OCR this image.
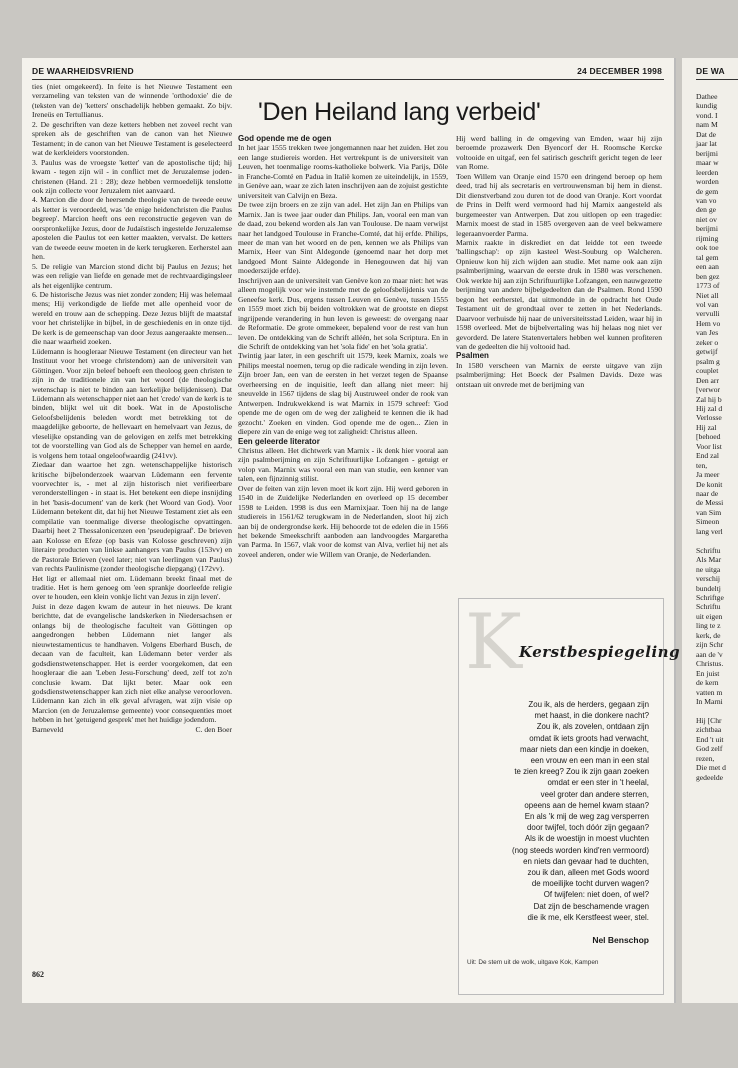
DE WAARHEIDSVRIEND	24 DECEMBER 1998

ties (niet omgekeerd). In feite is het Nieuwe Testament een verzameling van teksten van de winnende 'orthodoxie' die de (teksten van de) 'ketters' onschadelijk hebben gemaakt. Zo bijv. Ireneüs en Tertullianus.

2. De geschriften van deze ketters hebben net zoveel recht van spreken als de geschriften van de canon van het Nieuwe Testament; in de canon van het Nieuwe Testament is geselecteerd wat de kerkleiders voorstonden.

3. Paulus was de vroegste 'ketter' van de apostolische tijd; hij kwam - tegen zijn wil - in conflict met de Jeruzalemse joden-christenen (Hand. 21 : 28); deze hebben vermoedelijk tenslotte ook zijn collecte voor Jeruzalem niet aanvaard.

4. Marcion die door de heersende theologie van de tweede eeuw als ketter is veroordeeld, was 'de enige heidenchristen die Paulus begreep'. Marcion heeft ons een reconstructie gegeven van de oorspronkelijke Jezus, door de Judaïstisch ingestelde Jeruzalemse apostelen die Paulus tot een ketter maakten, vervalst. De ketters van de tweede eeuw moeten in de kerk terugkeren. Eerherstel aan hen.

5. De religie van Marcion stond dicht bij Paulus en Jezus; het was een religie van liefde en genade met de rechtvaardigingsleer als het eigenlijke centrum.

6. De historische Jezus was niet zonder zonden; Hij was helemaal mens; Hij verkondigde de liefde met alle openheid voor de wereld en trouw aan de schepping. Deze Jezus blijft de maatstaf voor het christelijke in bijbel, in de geschiedenis en in onze tijd. De kerk is de gemeenschap van door Jezus aangeraakte mensen... die naar waarheid zoeken.

Lüdemann is hoogleraar Nieuwe Testament (en directeur van het Instituut voor het vroege christendom) aan de universiteit van Göttingen. Voor zijn beleef behoeft een theoloog geen christen te zijn in de traditionele zin van het woord (de theologische wetenschap is niet te binden aan kerkelijke belijdenissen). Dat Lüdemann als wetenschapper niet aan het 'credo' van de kerk is te binden, blijkt wel uit dit boek. Wat in de Apostolische Geloofsbelijdenis beleden wordt met betrekking tot de maagdelijke geboorte, de hellevaart en hemelvaart van Jezus, de vleselijke opstanding van de gelovigen en zelfs met betrekking tot de voorstelling van God als de Schepper van hemel en aarde, is volgens hem totaal ongeloofwaardig (241vv).

Ziedaar dan waartoe het zgn. wetenschappelijke historisch kritische bijbelonderzoek waarvan Lüdemann een fervente voorvechter is, - met al zijn historisch niet verifieerbare veronderstellingen - in staat is. Het betekent een diepe insnijding in het 'basis-document' van de kerk (het Woord van God). Voor Lüdemann betekent dit, dat hij het Nieuwe Testament ziet als een compilatie van toenmalige diverse theologische opvattingen. Daarbij heet 2 Thessalonicenzen een 'pseudepigraaf'. De brieven aan Kolosse en Efeze (op basis van Kolosse geschreven) zijn literaire producten van linkse aanhangers van Paulus (153vv) en de Pastorale Brieven (veel later; niet van leerlingen van Paulus) van rechts Paulinisme (zonder theologische diepgang) (172vv).

Het ligt er allemaal niet om. Lüdemann breekt finaal met de traditie. Het is hem genoeg om 'een sprankje doorleefde religie over te houden, een klein vonkje licht van Jezus in zijn leven'.

Juist in deze dagen kwam de auteur in het nieuws. De krant berichtte, dat de evangelische landskerken in Niedersachsen er onlangs bij de theologische faculteit van Göttingen op aangedrongen hebben Lüdemann niet langer als nieuwtestamenticus te handhaven. Volgens Eberhard Busch, de decaan van de faculteit, kan Lüdemann beter verder als godsdienstwetenschapper. Het is eerder voorgekomen, dat een hoogleraar die aan 'Leben Jesu-Forschung' deed, zelf tot zo'n conclusie kwam. Dat lijkt beter. Maar ook een godsdienstwetenschapper kan zich niet elke analyse veroorloven. Lüdemann kan zich in elk geval afvragen, wat zijn visie op Marcion (en de Jeruzalemse gemeente) voor consequenties moet hebben in het 'getuigend gesprek' met het huidige jodendom.

Barneveld	C. den Boer
'Den Heiland lang verbeid'

God opende me de ogen

In het jaar 1555 trekken twee jongemannen naar het zuiden. Het zou een lange studiereis worden. Het vertrekpunt is de universiteit van Leuven, het toenmalige rooms-katholieke bolwerk. Via Parijs, Dôle in Franche-Comté en Padua in Italië komen ze uiteindelijk, in 1559, in Genève aan, waar ze zich laten inschrijven aan de zojuist gestichte universiteit van Calvijn en Beza.

De twee zijn broers en ze zijn van adel. Het zijn Jan en Philips van Marnix. Jan is twee jaar ouder dan Philips. Jan, vooral een man van de daad, zou bekend worden als Jan van Toulouse. De naam verwijst naar het landgoed Toulouse in Franche-Comté, dat hij erfde. Philips, meer de man van het woord en de pen, kennen we als Philips van Marnix, Heer van Sint Aldegonde (genoemd naar het dorp met landgoed Mont Sainte Aldegonde in Henegouwen dat hij van moederszijde erfde).

Inschrijven aan de universiteit van Genève kon zo maar niet: het was alleen mogelijk voor wie instemde met de geloofsbelijdenis van de Geneefse kerk. Dus, ergens tussen Leuven en Genève, tussen 1555 en 1559 moet zich bij beiden voltrokken wat de grootste en diepst ingrijpende verandering in hun leven is geweest: de overgang naar de Reformatie. De grote ommekeer, bepalend voor de rest van hun leven. De ontdekking van de Schrift alléén, het sola Scriptura. En in die Schrift de ontdekking van het 'sola fide' en het 'sola gratia'.

Twintig jaar later, in een geschrift uit 1579, keek Marnix, zoals we Philips meestal noemen, terug op die radicale wending in zijn leven. Zijn broer Jan, een van de eersten in het verzet tegen de Spaanse overheersing en de inquisitie, leeft dan allang niet meer: hij sneuvelde in 1567 tijdens de slag bij Austruweel onder de rook van Antwerpen. Indrukwekkend is wat Marnix in 1579 schreef: 'God opende me de ogen om de weg der zaligheid te kennen die ik had gezocht.' Zoeken en vinden. God opende me de ogen... Zien in diepere zin van de enige weg tot zaligheid: Christus alleen.

Een geleerde literator

Christus alleen. Het dichtwerk van Marnix - ik denk hier vooral aan zijn psalmberijming en zijn Schriftuurlijke Lofzangen - getuigt er volop van. Marnix was vooral een man van studie, een kenner van talen, een fijnzinnig stilist.

Over de feiten van zijn leven moet ik kort zijn. Hij werd geboren in 1540 in de Zuidelijke Nederlanden en overleed op 15 december 1598 te Leiden. 1998 is dus een Marnixjaar. Toen hij na de lange studiereis in 1561/62 terugkwam in de Nederlanden, sloot hij zich aan bij de ondergrondse kerk. Hij behoorde tot de edelen die in 1566 het bekende Smeekschrift aanboden aan landvoogdes Margaretha van Parma. In 1567, vlak voor de komst van Alva, verliet hij net als zoveel anderen, onder wie Willem van Oranje, de Nederlanden.

Hij werd balling in de omgeving van Emden, waar hij zijn beroemde prozawerk Den Byencorf der H. Roomsche Kercke voltooide en uitgaf, een fel satirisch geschrift gericht tegen de leer van Rome.

Toen Willem van Oranje eind 1570 een dringend beroep op hem deed, trad hij als secretaris en vertrouwensman bij hem in dienst. Dit dienstverband zou duren tot de dood van Oranje. Kort voordat de Prins in Delft werd vermoord had hij Marnix aangesteld als burgemeester van Antwerpen. Dat zou uitlopen op een tragedie: Marnix moest de stad in 1585 overgeven aan de veel bekwamere legeraanvoerder Parma.

Marnix raakte in diskrediet en dat leidde tot een tweede 'ballingschap': op zijn kasteel West-Souburg op Walcheren. Opnieuw kon hij zich wijden aan studie. Met name ook aan zijn psalmberijming, waarvan de eerste druk in 1580 was verschenen. Ook werkte hij aan zijn Schriftuurlijke Lofzangen, een nauwgezette berijming van andere bijbelgedeelten dan de Psalmen. Rond 1590 begon het eerherstel, dat uitmondde in de opdracht het Oude Testament uit de grondtaal over te zetten in het Nederlands. Daarvoor verhuisde hij naar de universiteitsstad Leiden, waar hij in 1598 overleed. Met de bijbelvertaling was hij helaas nog niet ver gevorderd. De latere Statenvertalers hebben wel kunnen profiteren van de gedeelten die hij voltooid had.

Psalmen

In 1580 verscheen van Marnix de eerste uitgave van zijn psalmberijming: Het Boeck der Psalmen Davids. Deze was ontstaan uit onvrede met de berijming van

K
Kerstbespiegeling
Zou ik, als de herders, gegaan zijn
met haast, in die donkere nacht?
Zou ik, als zovelen, ontdaan zijn
omdat ik iets groots had verwacht,
maar niets dan een kindje in doeken,
een vrouw en een man in een stal
te zien kreeg? Zou ik zijn gaan zoeken
omdat er een ster in 't heelal,
veel groter dan andere sterren,
opeens aan de hemel kwam staan?
En als 'k mij de weg zag versperren
door twijfel, toch dóór zijn gegaan?
Als ik de woestijn in moest vluchten
(nog steeds worden kind'ren vermoord)
en niets dan gevaar had te duchten,
zou ik dan, alleen met Gods woord
de moeilijke tocht durven wagen?
Of twijfelen: niet doen, of wel?
Dat zijn de beschamende vragen
die ik me, elk Kerstfeest weer, stel.
Nel Benschop
Uit: De stem uit de wolk, uitgave Kok, Kampen
862
DE WA
Dathee
kundig
vond. I
nam M
Dat de
jaar lat
berijmi
maar w
leerden
worden
de gem
van vo
den ge
niet ov
berijmi
rijming
ook toe
tal gem
een aan
ben gez
1773 of
Niet all
vol van
vervulli
Hem vo
van Jes
zeker o
getwijf
psalm g
couplet
Den arr
[verwor
Zal hij b
Hij zal d
Verlosse
Hij zal
[behoed
Voor list
End zal
ten,
Ja meer
De konit
naar de
de Messi
van Sim
Simeon
lang verl

Schriftu
Als Mar
ne uitga
verschij
bundeltj
Schriftge
Schriftu
uit eigen
ling te z
kerk, de
zijn Schr
aan de 'v
Christus.
En juist
de kern
vatten m
In Marni

Hij [Chr
zichtbaa
End 't uit
God zelf
rezen,
Die met d
gedeelde
